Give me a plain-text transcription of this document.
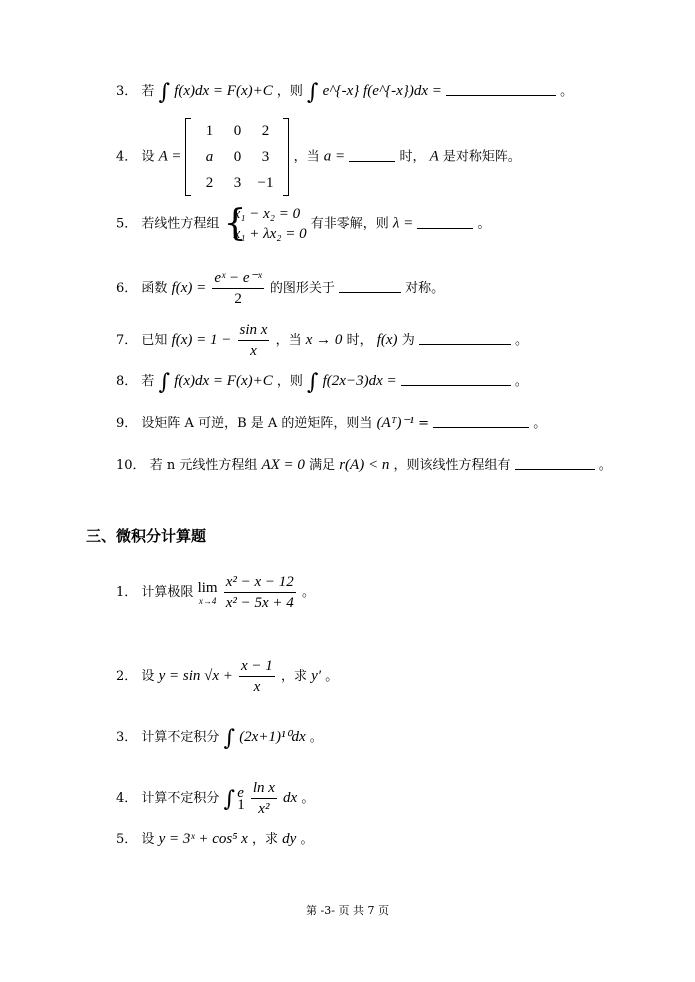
3． 若 ∫ f(x)dx = F(x)+C ，则 ∫ e^{-x} f(e^{-x})dx =	。
4． 设 A =
1	0	2
a	0	3
2	3	−1
，当 a =	时， A 是对称矩阵。
5． 若线性方程组 {
x₁ − x₂ = 0
x₁ + λx₂ = 0
有非零解，则 λ =	。
6． 函数 $f(x) = \frac{\text{eˣ − e⁻ˣ}}{2}$ 的图形关于	对称。
7． 已知 $f(x) = 1 - \frac{\text{sin x}}{x}$ ，当 x → 0 时， f(x) 为	。
8． 若 ∫ f(x)dx = F(x)+C ，则 ∫ f(2x−3)dx =	。
9． 设矩阵 A 可逆，B 是 A 的逆矩阵，则当 (Aᵀ)⁻¹ =	。
10． 若 n 元线性方程组 AX = 0 满足 r(A) < n ，则该线性方程组有	。
三、微积分计算题
1． 计算极限 lim
x→4
$\frac{\text{x² − x − 12}}{\text{x² − 5x + 4}}$ 。
2． 设 $y = \sin √x + \frac{x - 1}{x}$ ，求 y′ 。
3． 计算不定积分 ∫ (2x+1)¹⁰dx 。
4． 计算不定积分 ∫ e
1
$\frac{\text{ln x}}{\text{x²}}$ dx 。
5． 设 y = 3ˣ + cos⁵ x ，求 dy 。
第 -3- 页 共 7 页
